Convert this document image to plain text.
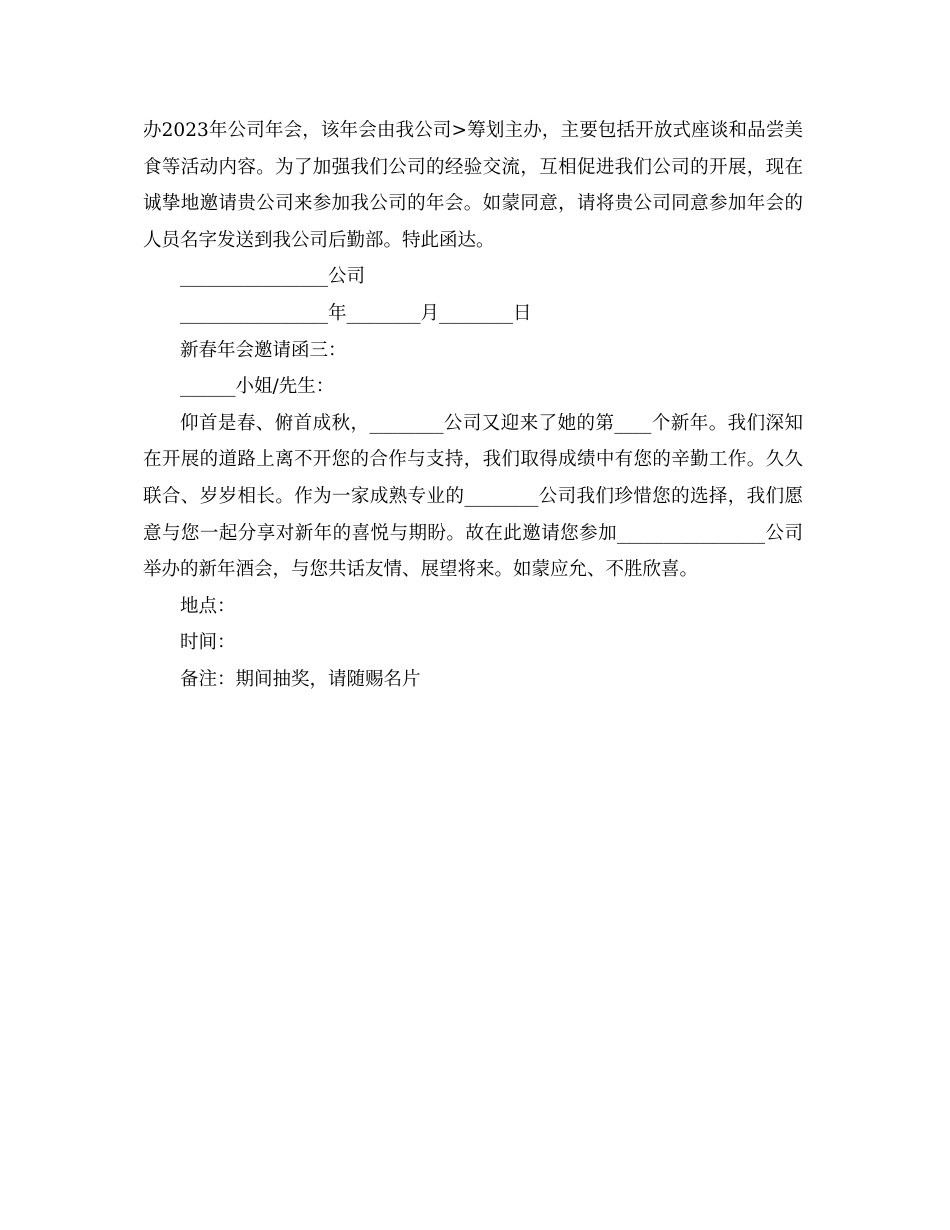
办2023年公司年会，该年会由我公司>筹划主办，主要包括开放式座谈和品尝美食等活动内容。为了加强我们公司的经验交流，互相促进我们公司的开展，现在诚挚地邀请贵公司来参加我公司的年会。如蒙同意，请将贵公司同意参加年会的人员名字发送到我公司后勤部。特此函达。

________________公司

________________年________月________日

新春年会邀请函三：

______小姐/先生：

仰首是春、俯首成秋，________公司又迎来了她的第____个新年。我们深知在开展的道路上离不开您的合作与支持，我们取得成绩中有您的辛勤工作。久久联合、岁岁相长。作为一家成熟专业的________公司我们珍惜您的选择，我们愿意与您一起分享对新年的喜悦与期盼。故在此邀请您参加________________公司举办的新年酒会，与您共话友情、展望将来。如蒙应允、不胜欣喜。

地点：

时间：

备注：期间抽奖，请随赐名片
